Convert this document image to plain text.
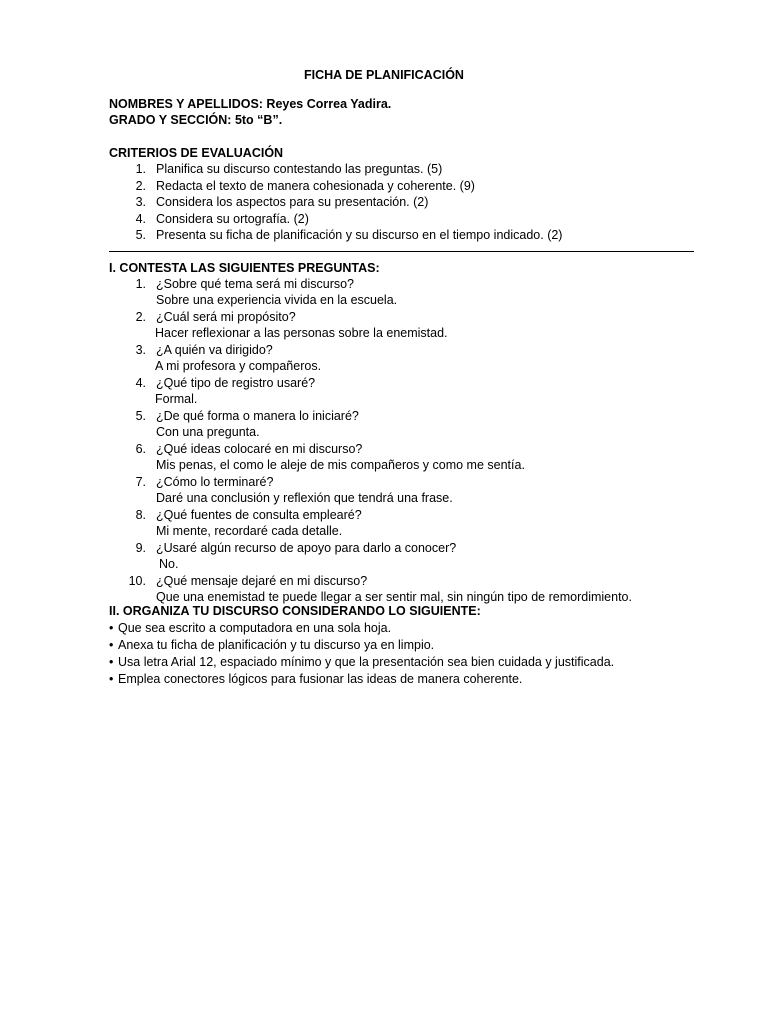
FICHA DE PLANIFICACIÓN
NOMBRES Y APELLIDOS: Reyes Correa Yadira.
GRADO Y SECCIÓN: 5to “B”.
CRITERIOS DE EVALUACIÓN
1. Planifica su discurso contestando las preguntas. (5)
2. Redacta el texto de manera cohesionada y coherente. (9)
3. Considera los aspectos para su presentación. (2)
4. Considera su ortografía. (2)
5. Presenta su ficha de planificación y su discurso en el tiempo indicado. (2)
I. CONTESTA LAS SIGUIENTES PREGUNTAS:
1. ¿Sobre qué tema será mi discurso?
Sobre una experiencia vivida en la escuela.
2. ¿Cuál será mi propósito?
Hacer reflexionar a las personas sobre la enemistad.
3. ¿A quién va dirigido?
A mi profesora y compañeros.
4. ¿Qué tipo de registro usaré?
Formal.
5. ¿De qué forma o manera lo iniciaré?
Con una pregunta.
6. ¿Qué ideas colocaré en mi discurso?
Mis penas, el como le aleje de mis compañeros y como me sentía.
7. ¿Cómo lo terminaré?
Daré una conclusión y reflexión que tendrá una frase.
8. ¿Qué fuentes de consulta emplearé?
Mi mente, recordaré cada detalle.
9. ¿Usaré algún recurso de apoyo para darlo a conocer?
No.
10. ¿Qué mensaje dejaré en mi discurso?
Que una enemistad te puede llegar a ser sentir mal, sin ningún tipo de remordimiento.
II. ORGANIZA TU DISCURSO CONSIDERANDO LO SIGUIENTE:
• Que sea escrito a computadora en una sola hoja.
• Anexa tu ficha de planificación y tu discurso ya en limpio.
• Usa letra Arial 12, espaciado mínimo y que la presentación sea bien cuidada y justificada.
• Emplea conectores lógicos para fusionar las ideas de manera coherente.
